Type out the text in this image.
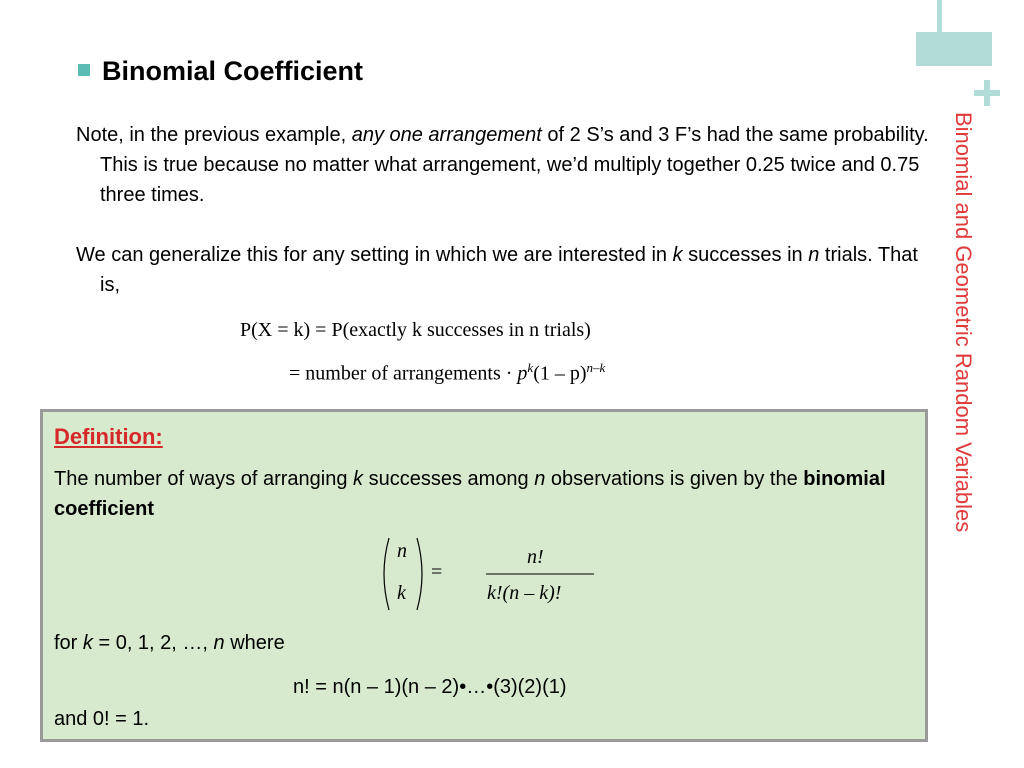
Binomial and Geometric Random Variables
Binomial Coefficient
Note, in the previous example, any one arrangement of 2 S’s and 3 F’s had the same probability. This is true because no matter what arrangement, we’d multiply together 0.25 twice and 0.75 three times.
We can generalize this for any setting in which we are interested in k successes in n trials. That is,
P(X = k) = P(exactly k successes in n trials)
= number of arrangements · $p^k(1 - p)^{n-k}$
Definition:
The number of ways of arranging k successes among n observations is given by the binomial coefficient
n
k
=
n!
k!(n – k)!
for k = 0, 1, 2, …, n where
n! = n(n – 1)(n – 2)•…•(3)(2)(1)
and 0! = 1.
